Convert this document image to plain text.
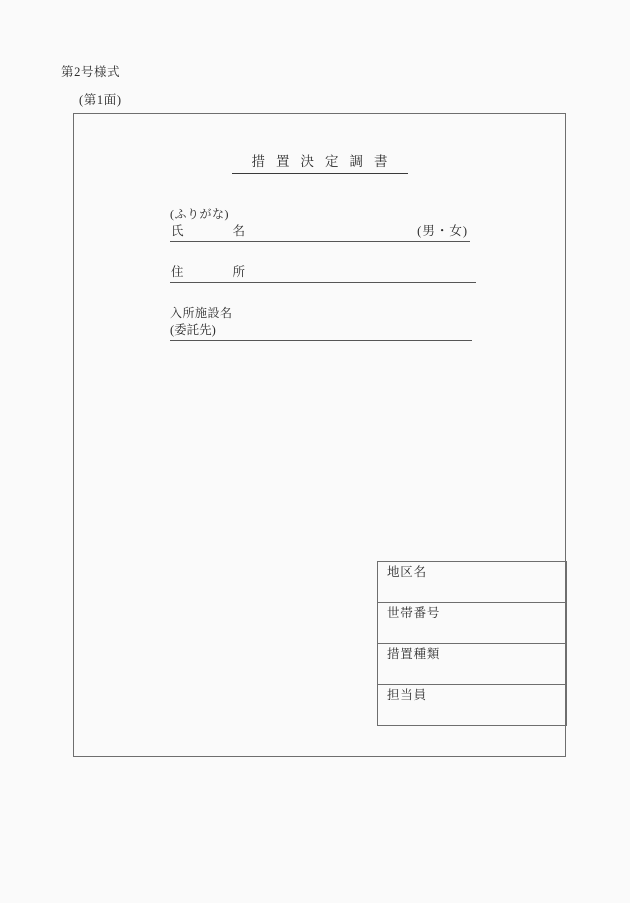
第2号様式
(第1面)
措置決定調書
(ふりがな)
氏　　名	(男・女)
住　　所
入所施設名
(委託先)
地区名
世帯番号
措置種類
担当員
